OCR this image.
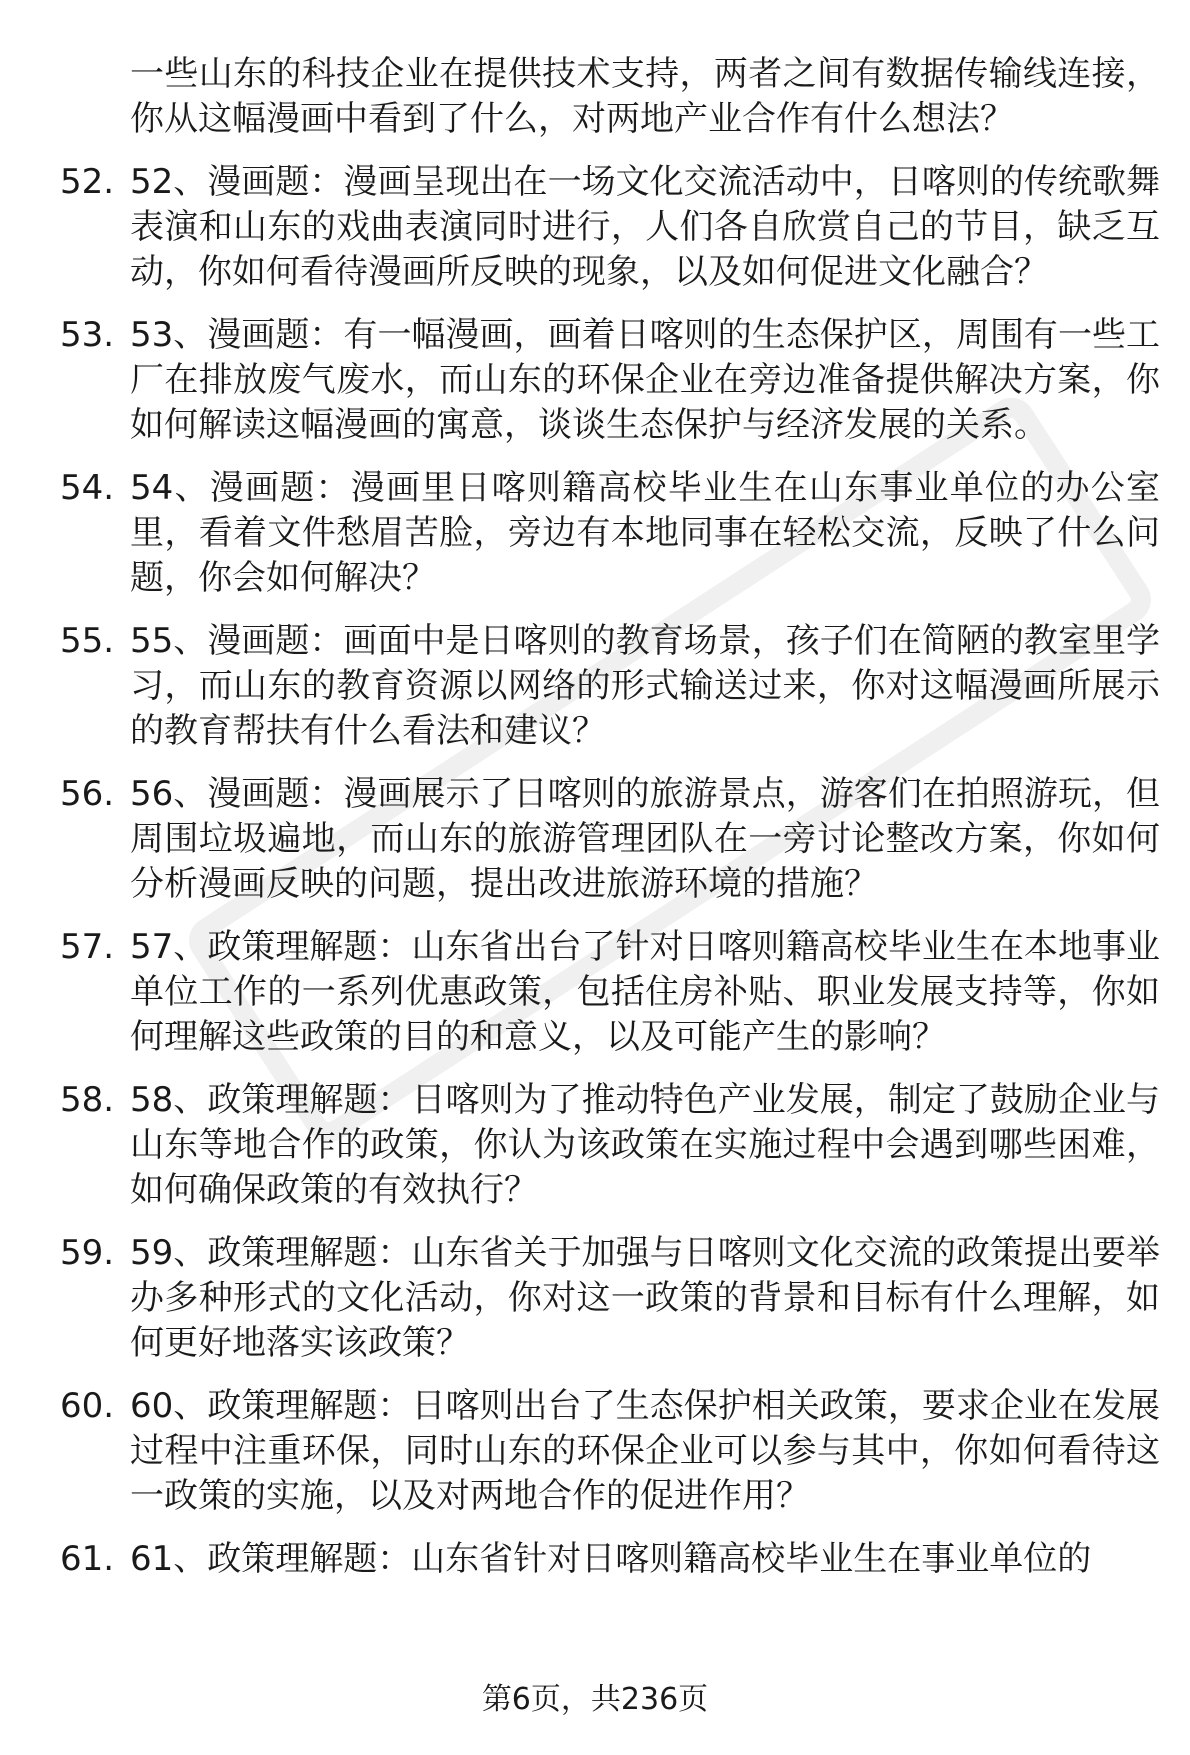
一些山东的科技企业在提供技术支持，两者之间有数据传输线连接，你从这幅漫画中看到了什么，对两地产业合作有什么想法？
52. 52、漫画题：漫画呈现出在一场文化交流活动中，日喀则的传统歌舞表演和山东的戏曲表演同时进行，人们各自欣赏自己的节目，缺乏互动，你如何看待漫画所反映的现象，以及如何促进文化融合？
53. 53、漫画题：有一幅漫画，画着日喀则的生态保护区，周围有一些工厂在排放废气废水，而山东的环保企业在旁边准备提供解决方案，你如何解读这幅漫画的寓意，谈谈生态保护与经济发展的关系。
54. 54、漫画题：漫画里日喀则籍高校毕业生在山东事业单位的办公室里，看着文件愁眉苦脸，旁边有本地同事在轻松交流，反映了什么问题，你会如何解决？
55. 55、漫画题：画面中是日喀则的教育场景，孩子们在简陋的教室里学习，而山东的教育资源以网络的形式输送过来，你对这幅漫画所展示的教育帮扶有什么看法和建议？
56. 56、漫画题：漫画展示了日喀则的旅游景点，游客们在拍照游玩，但周围垃圾遍地，而山东的旅游管理团队在一旁讨论整改方案，你如何分析漫画反映的问题，提出改进旅游环境的措施？
57. 57、政策理解题：山东省出台了针对日喀则籍高校毕业生在本地事业单位工作的一系列优惠政策，包括住房补贴、职业发展支持等，你如何理解这些政策的目的和意义，以及可能产生的影响？
58. 58、政策理解题：日喀则为了推动特色产业发展，制定了鼓励企业与山东等地合作的政策，你认为该政策在实施过程中会遇到哪些困难，如何确保政策的有效执行？
59. 59、政策理解题：山东省关于加强与日喀则文化交流的政策提出要举办多种形式的文化活动，你对这一政策的背景和目标有什么理解，如何更好地落实该政策？
60. 60、政策理解题：日喀则出台了生态保护相关政策，要求企业在发展过程中注重环保，同时山东的环保企业可以参与其中，你如何看待这一政策的实施，以及对两地合作的促进作用？
61. 61、政策理解题：山东省针对日喀则籍高校毕业生在事业单位的
第6页，共236页
